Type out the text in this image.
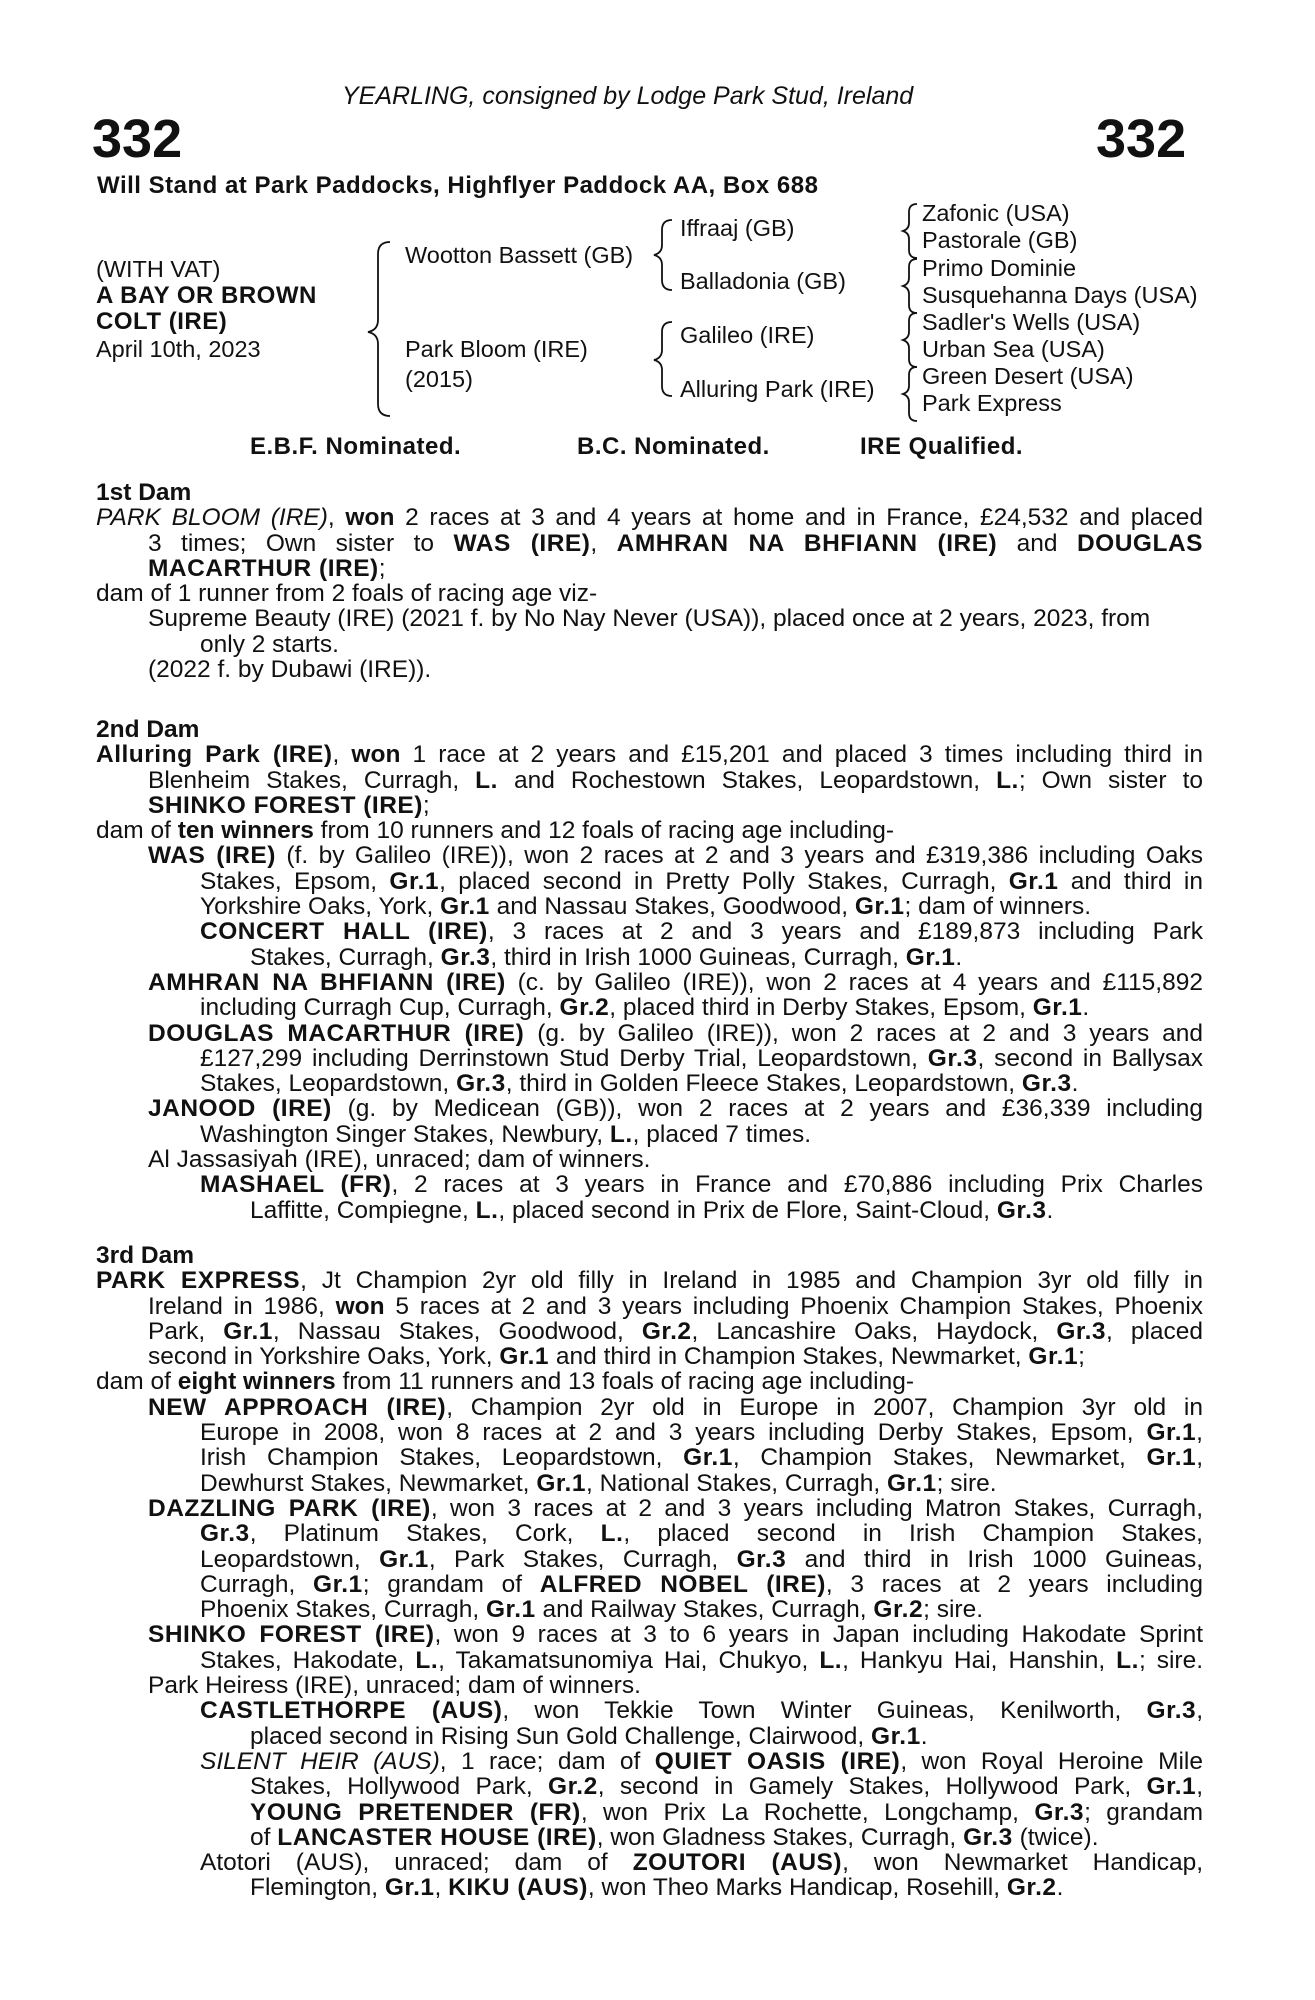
YEARLING, consigned by Lodge Park Stud, Ireland
332	332
Will Stand at Park Paddocks, Highflyer Paddock AA, Box 688
(WITH VAT)
A BAY OR BROWN
COLT (IRE)
April 10th, 2023
Wootton Bassett (GB)
Park Bloom (IRE)
(2015)
Iffraaj (GB)
Balladonia (GB)
Galileo (IRE)
Alluring Park (IRE)
Zafonic (USA)
Pastorale (GB)
Primo Dominie
Susquehanna Days (USA)
Sadler's Wells (USA)
Urban Sea (USA)
Green Desert (USA)
Park Express
E.B.F. Nominated.	B.C. Nominated.	IRE Qualified.
1st Dam
PARK BLOOM (IRE), won 2 races at 3 and 4 years at home and in France, £24,532 and placed
3 times; Own sister to WAS (IRE), AMHRAN NA BHFIANN (IRE) and DOUGLAS
MACARTHUR (IRE);
dam of 1 runner from 2 foals of racing age viz-
Supreme Beauty (IRE) (2021 f. by No Nay Never (USA)), placed once at 2 years, 2023, from
only 2 starts.
(2022 f. by Dubawi (IRE)).
2nd Dam
Alluring Park (IRE), won 1 race at 2 years and £15,201 and placed 3 times including third in
Blenheim Stakes, Curragh, L. and Rochestown Stakes, Leopardstown, L.; Own sister to
SHINKO FOREST (IRE);
dam of ten winners from 10 runners and 12 foals of racing age including-
WAS (IRE) (f. by Galileo (IRE)), won 2 races at 2 and 3 years and £319,386 including Oaks
Stakes, Epsom, Gr.1, placed second in Pretty Polly Stakes, Curragh, Gr.1 and third in
Yorkshire Oaks, York, Gr.1 and Nassau Stakes, Goodwood, Gr.1; dam of winners.
CONCERT HALL (IRE), 3 races at 2 and 3 years and £189,873 including Park
Stakes, Curragh, Gr.3, third in Irish 1000 Guineas, Curragh, Gr.1.
AMHRAN NA BHFIANN (IRE) (c. by Galileo (IRE)), won 2 races at 4 years and £115,892
including Curragh Cup, Curragh, Gr.2, placed third in Derby Stakes, Epsom, Gr.1.
DOUGLAS MACARTHUR (IRE) (g. by Galileo (IRE)), won 2 races at 2 and 3 years and
£127,299 including Derrinstown Stud Derby Trial, Leopardstown, Gr.3, second in Ballysax
Stakes, Leopardstown, Gr.3, third in Golden Fleece Stakes, Leopardstown, Gr.3.
JANOOD (IRE) (g. by Medicean (GB)), won 2 races at 2 years and £36,339 including
Washington Singer Stakes, Newbury, L., placed 7 times.
Al Jassasiyah (IRE), unraced; dam of winners.
MASHAEL (FR), 2 races at 3 years in France and £70,886 including Prix Charles
Laffitte, Compiegne, L., placed second in Prix de Flore, Saint-Cloud, Gr.3.
3rd Dam
PARK EXPRESS, Jt Champion 2yr old filly in Ireland in 1985 and Champion 3yr old filly in
Ireland in 1986, won 5 races at 2 and 3 years including Phoenix Champion Stakes, Phoenix
Park, Gr.1, Nassau Stakes, Goodwood, Gr.2, Lancashire Oaks, Haydock, Gr.3, placed
second in Yorkshire Oaks, York, Gr.1 and third in Champion Stakes, Newmarket, Gr.1;
dam of eight winners from 11 runners and 13 foals of racing age including-
NEW APPROACH (IRE), Champion 2yr old in Europe in 2007, Champion 3yr old in
Europe in 2008, won 8 races at 2 and 3 years including Derby Stakes, Epsom, Gr.1,
Irish Champion Stakes, Leopardstown, Gr.1, Champion Stakes, Newmarket, Gr.1,
Dewhurst Stakes, Newmarket, Gr.1, National Stakes, Curragh, Gr.1; sire.
DAZZLING PARK (IRE), won 3 races at 2 and 3 years including Matron Stakes, Curragh,
Gr.3, Platinum Stakes, Cork, L., placed second in Irish Champion Stakes,
Leopardstown, Gr.1, Park Stakes, Curragh, Gr.3 and third in Irish 1000 Guineas,
Curragh, Gr.1; grandam of ALFRED NOBEL (IRE), 3 races at 2 years including
Phoenix Stakes, Curragh, Gr.1 and Railway Stakes, Curragh, Gr.2; sire.
SHINKO FOREST (IRE), won 9 races at 3 to 6 years in Japan including Hakodate Sprint
Stakes, Hakodate, L., Takamatsunomiya Hai, Chukyo, L., Hankyu Hai, Hanshin, L.; sire.
Park Heiress (IRE), unraced; dam of winners.
CASTLETHORPE (AUS), won Tekkie Town Winter Guineas, Kenilworth, Gr.3,
placed second in Rising Sun Gold Challenge, Clairwood, Gr.1.
SILENT HEIR (AUS), 1 race; dam of QUIET OASIS (IRE), won Royal Heroine Mile
Stakes, Hollywood Park, Gr.2, second in Gamely Stakes, Hollywood Park, Gr.1,
YOUNG PRETENDER (FR), won Prix La Rochette, Longchamp, Gr.3; grandam
of LANCASTER HOUSE (IRE), won Gladness Stakes, Curragh, Gr.3 (twice).
Atotori (AUS), unraced; dam of ZOUTORI (AUS), won Newmarket Handicap,
Flemington, Gr.1, KIKU (AUS), won Theo Marks Handicap, Rosehill, Gr.2.
